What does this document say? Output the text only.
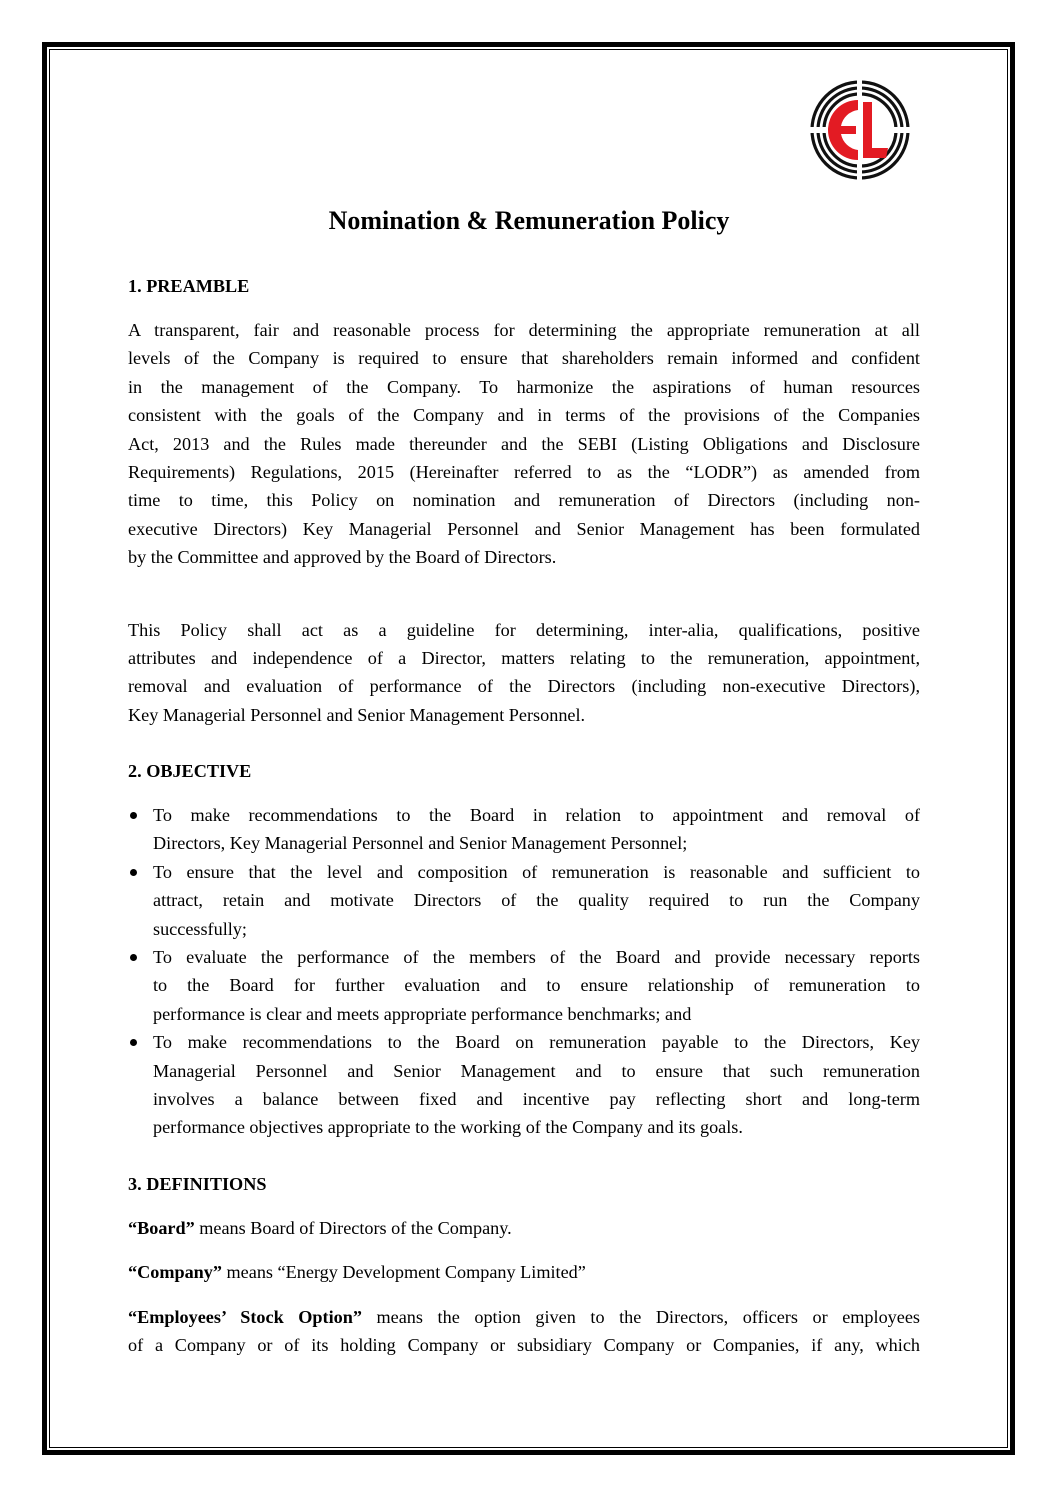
Nomination & Remuneration Policy
1. PREAMBLE
A transparent, fair and reasonable process for determining the appropriate remuneration at all
levels of the Company is required to ensure that shareholders remain informed and confident
in the management of the Company. To harmonize the aspirations of human resources
consistent with the goals of the Company and in terms of the provisions of the Companies
Act, 2013 and the Rules made thereunder and the SEBI (Listing Obligations and Disclosure
Requirements) Regulations, 2015 (Hereinafter referred to as the “LODR”) as amended from
time to time, this Policy on nomination and remuneration of Directors (including non-
executive Directors) Key Managerial Personnel and Senior Management has been formulated
by the Committee and approved by the Board of Directors.
This Policy shall act as a guideline for determining, inter-alia, qualifications, positive
attributes and independence of a Director, matters relating to the remuneration, appointment,
removal and evaluation of performance of the Directors (including non-executive Directors),
Key Managerial Personnel and Senior Management Personnel.
2. OBJECTIVE
To make recommendations to the Board in relation to appointment and removal of
Directors, Key Managerial Personnel and Senior Management Personnel;
To ensure that the level and composition of remuneration is reasonable and sufficient to
attract, retain and motivate Directors of the quality required to run the Company
successfully;
To evaluate the performance of the members of the Board and provide necessary reports
to the Board for further evaluation and to ensure relationship of remuneration to
performance is clear and meets appropriate performance benchmarks; and
To make recommendations to the Board on remuneration payable to the Directors, Key
Managerial Personnel and Senior Management and to ensure that such remuneration
involves a balance between fixed and incentive pay reflecting short and long-term
performance objectives appropriate to the working of the Company and its goals.
3. DEFINITIONS
“Board” means Board of Directors of the Company.
“Company” means “Energy Development Company Limited”
“Employees’ Stock Option” means the option given to the Directors, officers or employees
of a Company or of its holding Company or subsidiary Company or Companies, if any, which
